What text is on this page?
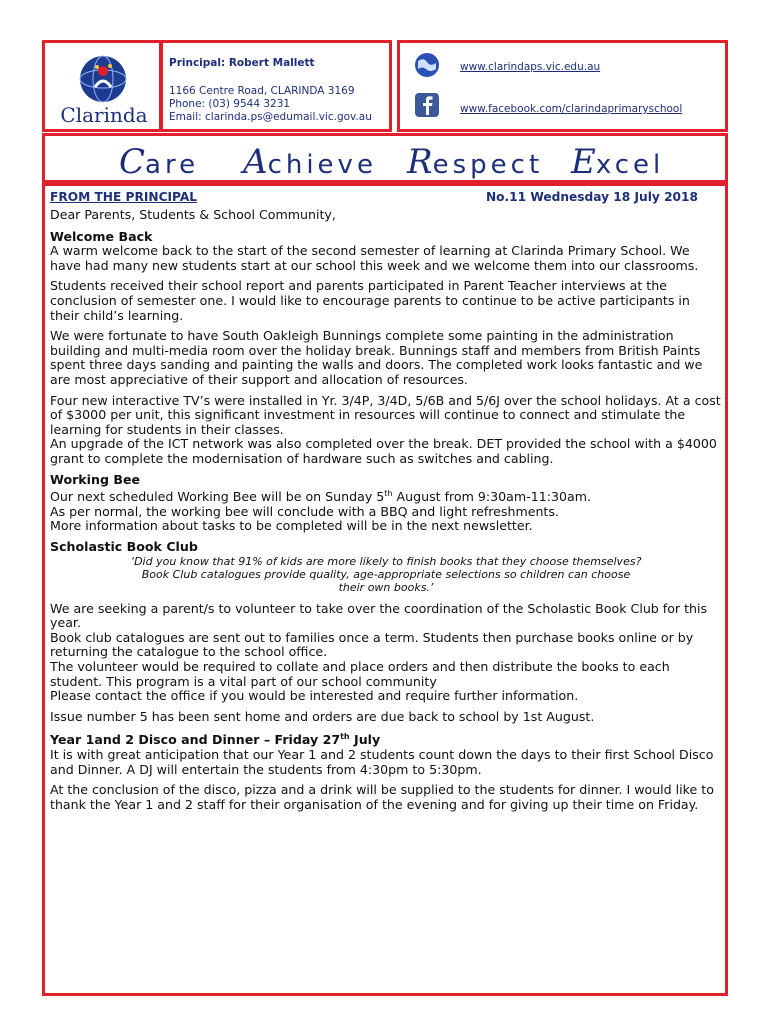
Clarinda
Principal: Robert Mallett
1166 Centre Road, CLARINDA 3169
Phone: (03) 9544 3231
Email: clarinda.ps@edumail.vic.gov.au
www.clarindaps.vic.edu.au
www.facebook.com/clarindaprimaryschool
Care Achieve Respect Excel
FROM THE PRINCIPAL	No.11 Wednesday 18 July 2018

Dear Parents, Students & School Community,

Welcome Back

A warm welcome back to the start of the second semester of learning at Clarinda Primary School. We have had many new students start at our school this week and we welcome them into our classrooms.

Students received their school report and parents participated in Parent Teacher interviews at the conclusion of semester one. I would like to encourage parents to continue to be active participants in their child’s learning.

We were fortunate to have South Oakleigh Bunnings complete some painting in the administration building and multi-media room over the holiday break. Bunnings staff and members from British Paints spent three days sanding and painting the walls and doors. The completed work looks fantastic and we are most appreciative of their support and allocation of resources.

Four new interactive TV’s were installed in Yr. 3/4P, 3/4D, 5/6B and 5/6J over the school holidays. At a cost of $3000 per unit, this significant investment in resources will continue to connect and stimulate the learning for students in their classes.

An upgrade of the ICT network was also completed over the break. DET provided the school with a $4000 grant to complete the modernisation of hardware such as switches and cabling.

Working Bee
Our next scheduled Working Bee will be on Sunday 5th August from 9:30am-11:30am.
As per normal, the working bee will conclude with a BBQ and light refreshments.

More information about tasks to be completed will be in the next newsletter.

Scholastic Book Club
‘Did you know that 91% of kids are more likely to finish books that they choose themselves? Book Club catalogues provide quality, age-appropriate selections so children can choose their own books.’
We are seeking a parent/s to volunteer to take over the coordination of the Scholastic Book Club for this year.
Book club catalogues are sent out to families once a term. Students then purchase books online or by returning the catalogue to the school office.
The volunteer would be required to collate and place orders and then distribute the books to each student. This program is a vital part of our school community

Please contact the office if you would be interested and require further information.

Issue number 5 has been sent home and orders are due back to school by 1st August.

Year 1and 2 Disco and Dinner – Friday 27th July

It is with great anticipation that our Year 1 and 2 students count down the days to their first School Disco and Dinner. A DJ will entertain the students from 4:30pm to 5:30pm.

At the conclusion of the disco, pizza and a drink will be supplied to the students for dinner. I would like to thank the Year 1 and 2 staff for their organisation of the evening and for giving up their time on Friday.
